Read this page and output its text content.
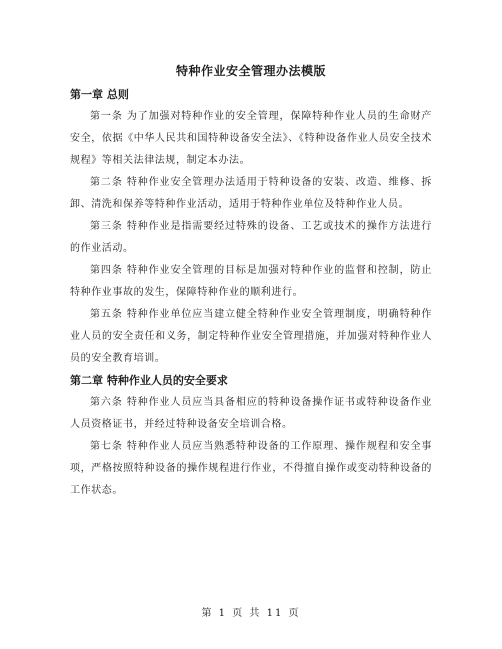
特种作业安全管理办法模版
第一章 总则

第一条 为了加强对特种作业的安全管理，保障特种作业人员的生命财产安全，依据《中华人民共和国特种设备安全法》、《特种设备作业人员安全技术规程》等相关法律法规，制定本办法。

第二条 特种作业安全管理办法适用于特种设备的安装、改造、维修、拆卸、清洗和保养等特种作业活动，适用于特种作业单位及特种作业人员。

第三条 特种作业是指需要经过特殊的设备、工艺或技术的操作方法进行的作业活动。

第四条 特种作业安全管理的目标是加强对特种作业的监督和控制，防止特种作业事故的发生，保障特种作业的顺利进行。

第五条 特种作业单位应当建立健全特种作业安全管理制度，明确特种作业人员的安全责任和义务，制定特种作业安全管理措施，并加强对特种作业人员的安全教育培训。

第二章 特种作业人员的安全要求

第六条 特种作业人员应当具备相应的特种设备操作证书或特种设备作业人员资格证书，并经过特种设备安全培训合格。

第七条 特种作业人员应当熟悉特种设备的工作原理、操作规程和安全事项，严格按照特种设备的操作规程进行作业，不得擅自操作或变动特种设备的工作状态。

第 1 页 共 11 页
